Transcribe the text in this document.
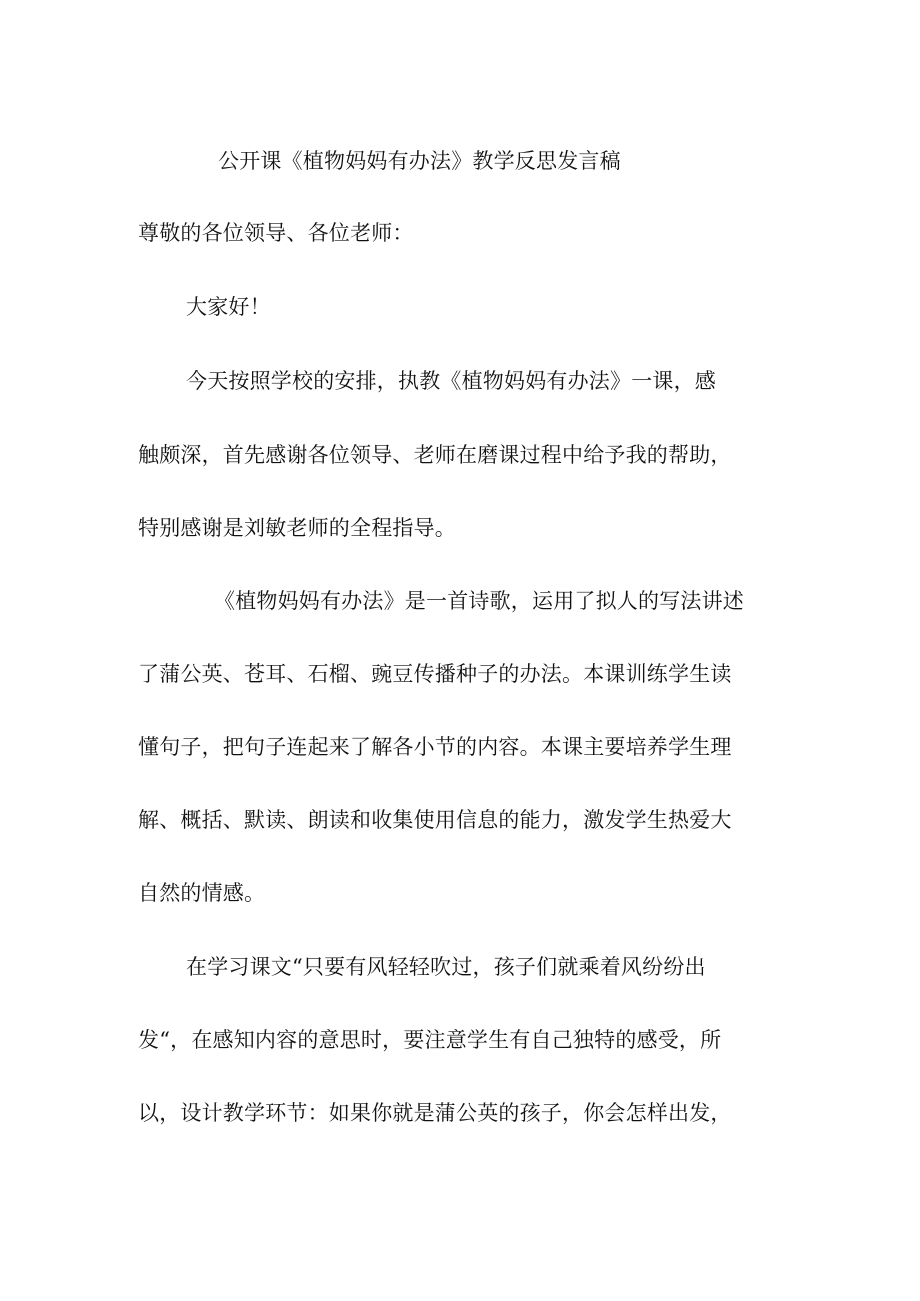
公开课《植物妈妈有办法》教学反思发言稿
尊敬的各位领导、各位老师：
大家好！
今天按照学校的安排，执教《植物妈妈有办法》一课，感
触颇深，首先感谢各位领导、老师在磨课过程中给予我的帮助，
特别感谢是刘敏老师的全程指导。
《植物妈妈有办法》是一首诗歌，运用了拟人的写法讲述
了蒲公英、苍耳、石榴、豌豆传播种子的办法。本课训练学生读
懂句子，把句子连起来了解各小节的内容。本课主要培养学生理
解、概括、默读、朗读和收集使用信息的能力，激发学生热爱大
自然的情感。
在学习课文“只要有风轻轻吹过，孩子们就乘着风纷纷出
发“，在感知内容的意思时，要注意学生有自己独特的感受，所
以，设计教学环节：如果你就是蒲公英的孩子，你会怎样出发，
